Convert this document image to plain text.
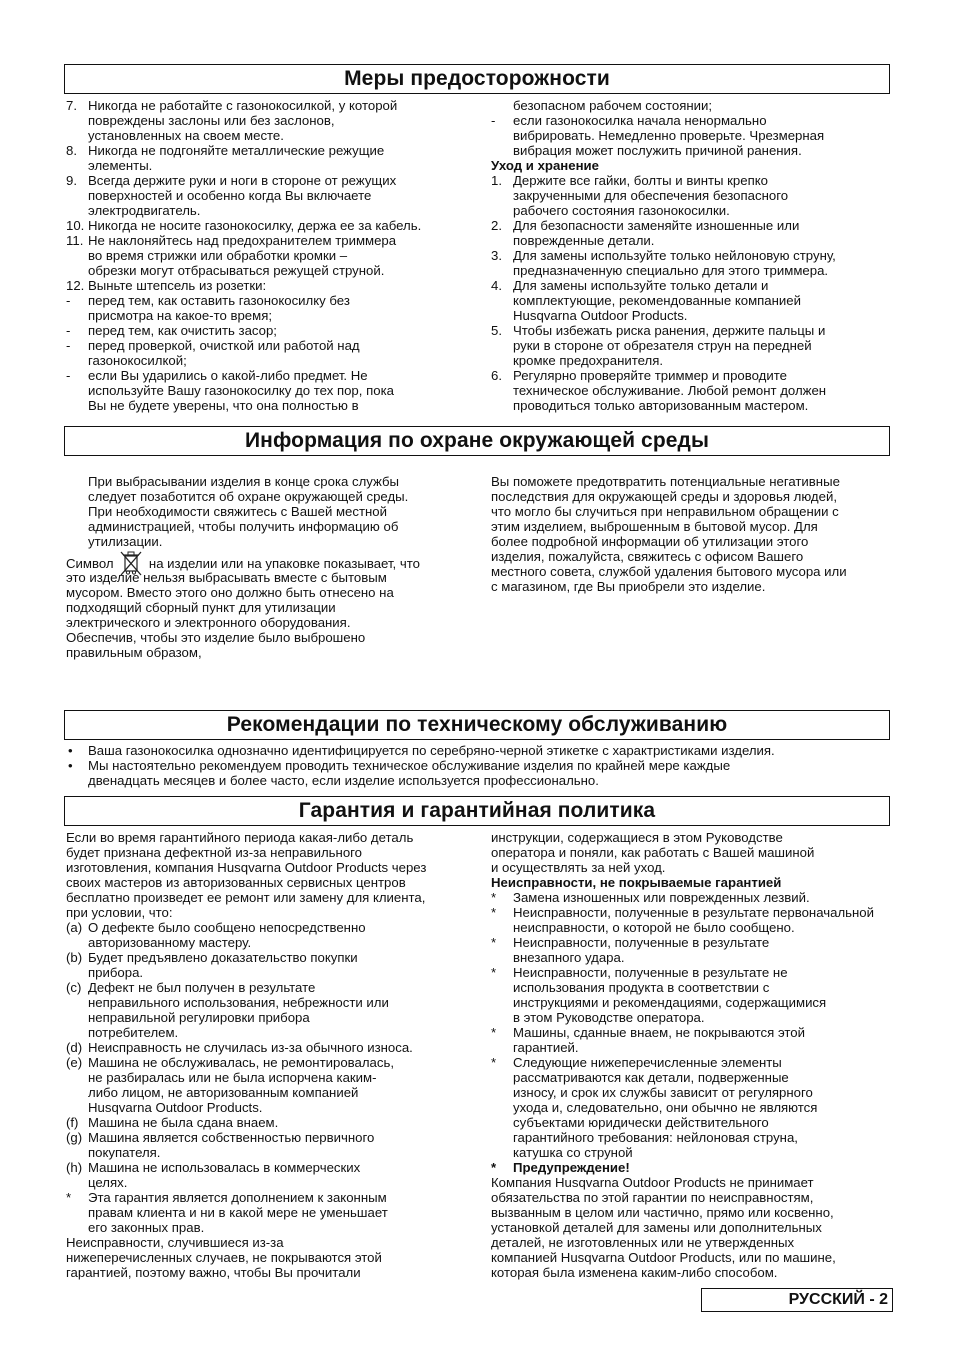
Меры предосторожности
7. Никогда не работайте с газонокосилкой, у которой
повреждены заслоны или без заслонов,
установленных на своем месте.
8. Никогда не подгоняйте металлические режущие
элементы.
9. Всегда держите руки и ноги в стороне от режущих
поверхностей и особенно когда Вы включаете
электродвигатель.
10. Никогда не носите газонокосилку, держа ее за кабель.
11. Не наклоняйтесь над предохранителем триммера
во время стрижки или обработки кромки –
обрезки могут отбрасываться режущей струной.
12. Выньте штепсель из розетки:
- перед тем, как оставить газонокосилку без
присмотра на какое-то время;
- перед тем, как очистить засор;
- перед проверкой, очисткой или работой над
газонокосилкой;
- если Вы ударились о какой-либо предмет. Не
используйте Вашу газонокосилку до тех пор, пока
Вы не будете уверены, что она полностью в
безопасном рабочем состоянии;
- если газонокосилка начала ненормально
вибрировать. Немедленно проверьте. Чрезмерная
вибрация может послужить причиной ранения.
Уход и хранение
1. Держите все гайки, болты и винты крепко
закрученными для обеспечения безопасного
рабочего состояния газонокосилки.
2. Для безопасности заменяйте изношенные или
поврежденные детали.
3. Для замены используйте только нейлоновую струну,
предназначенную специально для этого триммера.
4. Для замены используйте только детали и
комплектующие, рекомендованные компанией
Husqvarna Outdoor Products.
5. Чтобы избежать риска ранения, держите пальцы и
руки в стороне от обрезателя струн на передней
кромке предохранителя.
6. Регулярно проверяйте триммер и проводите
техническое обслуживание. Любой ремонт должен
проводиться только авторизованным мастером.
Информация по охране окружающей среды
При выбрасывании изделия в конце срока службы
следует позаботится об охране окружающей среды.
При необходимости свяжитесь с Вашей местной
администрацией, чтобы получить информацию об
утилизации.
Символ	на изделии или на упаковке показывает, что
это изделие нельзя выбрасывать вместе с бытовым
мусором. Вместо этого оно должно быть отнесено на
подходящий сборный пункт для утилизации
электрического и электронного оборудования.
Обеспечив, чтобы это изделие было выброшено
правильным образом,
Вы поможете предотвратить потенциальные негативные
последствия для окружающей среды и здоровья людей,
что могло бы случиться при неправильном обращении с
этим изделием, выброшенным в бытовой мусор. Для
более подробной информации об утилизации этого
изделия, пожалуйста, свяжитесь с офисом Вашего
местного совета, службой удаления бытового мусора или
с магазином, где Вы приобрели это изделие.
Рекомендации по техническому обслуживанию
• Ваша газонокосилка однозначно идентифицируется по серебряно-черной этикетке с характристиками изделия.
• Мы настоятельно рекомендуем проводить техническое обслуживание изделия по крайней мере каждые
двенадцать месяцев и более часто, если изделие используется профессионально.
Гарантия и гарантийная политика
Если во время гарантийного периода какая-либо деталь
будет признана дефектной из-за неправильного
изготовления, компания Husqvarna Outdoor Products через
своих мастеров из авторизованных сервисных центров
бесплатно произведет ее ремонт или замену для клиента,
при условии, что:
(a) О дефекте было сообщено непосредственно
авторизованному мастеру.
(b) Будет предъявлено доказательство покупки
прибора.
(c) Дефект не был получен в результате
неправильного использования, небрежности или
неправильной регулировки прибора
потребителем.
(d) Неисправность не случилась из-за обычного износа.
(e) Машина не обслуживалась, не ремонтировалась,
не разбиралась или не была испорчена каким-
либо лицом, не авторизованным компанией
Husqvarna Outdoor Products.
(f) Машина не была сдана внаем.
(g) Машина является собственностью первичного
покупателя.
(h) Машина не использовалась в коммерческих
целях.
* Эта гарантия является дополнением к законным
правам клиента и ни в какой мере не уменьшает
его законных прав.
Неисправности, случившиеся из-за
нижеперечисленных случаев, не покрываются этой
гарантией, поэтому важно, чтобы Вы прочитали
инструкции, содержащиеся в этом Руководстве
оператора и поняли, как работать с Вашей машиной
и осуществлять за ней уход.
Неисправности, не покрываемые гарантией
* Замена изношенных или поврежденных лезвий.
* Неисправности, полученные в результате первоначальной
неисправности, о которой не было сообщено.
* Неисправности, полученные в результате
внезапного удара.
* Неисправности, полученные в результате не
использования продукта в соответствии с
инструкциями и рекомендациями, содержащимися
в этом Руководстве оператора.
* Машины, сданные внаем, не покрываются этой
гарантией.
* Следующие нижеперечисленные элементы
рассматриваются как детали, подверженные
износу, и срок их службы зависит от регулярного
ухода и, следовательно, они обычно не являются
субъектами юридически действительного
гарантийного требования: нейлоновая струна,
катушка со струной
* Предупреждение!
Компания Husqvarna Outdoor Products не принимает
обязательства по этой гарантии по неисправностям,
вызванным в целом или частично, прямо или косвенно,
установкой деталей для замены или дополнительных
деталей, не изготовленных или не утвержденных
компанией Husqvarna Outdoor Products, или по машине,
которая была изменена каким-либо способом.
РУССКИЙ - 2
